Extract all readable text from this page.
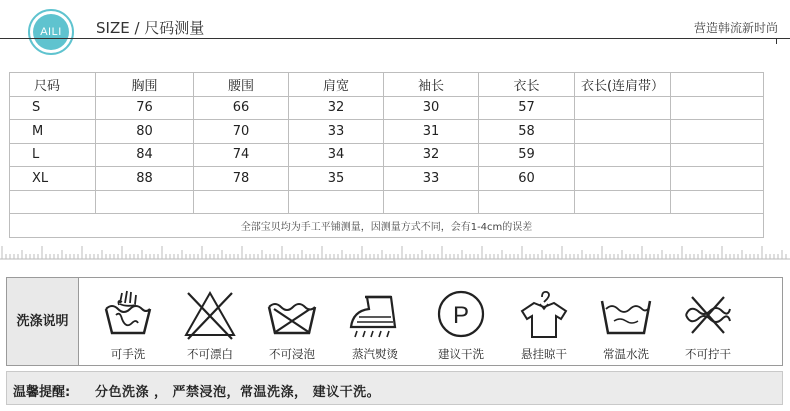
AILI	SIZE / 尺码测量	营造韩流新时尚
尺码	胸围	腰围	肩宽	袖长	衣长	衣长(连肩带）	
S	76	66	32	30	57		
M	80	70	33	31	58		
L	84	74	34	32	59		
XL	88	78	35	33	60		

全部宝贝均为手工平铺测量，因测量方式不同，会有1-4cm的误差							
洗涤说明
可手洗	不可漂白	不可浸泡	蒸汽熨烫
P
建议干洗	悬挂晾干	常温水洗	不可拧干
温馨提醒: 分色洗涤 ， 严禁浸泡，常温洗涤， 建议干洗。
